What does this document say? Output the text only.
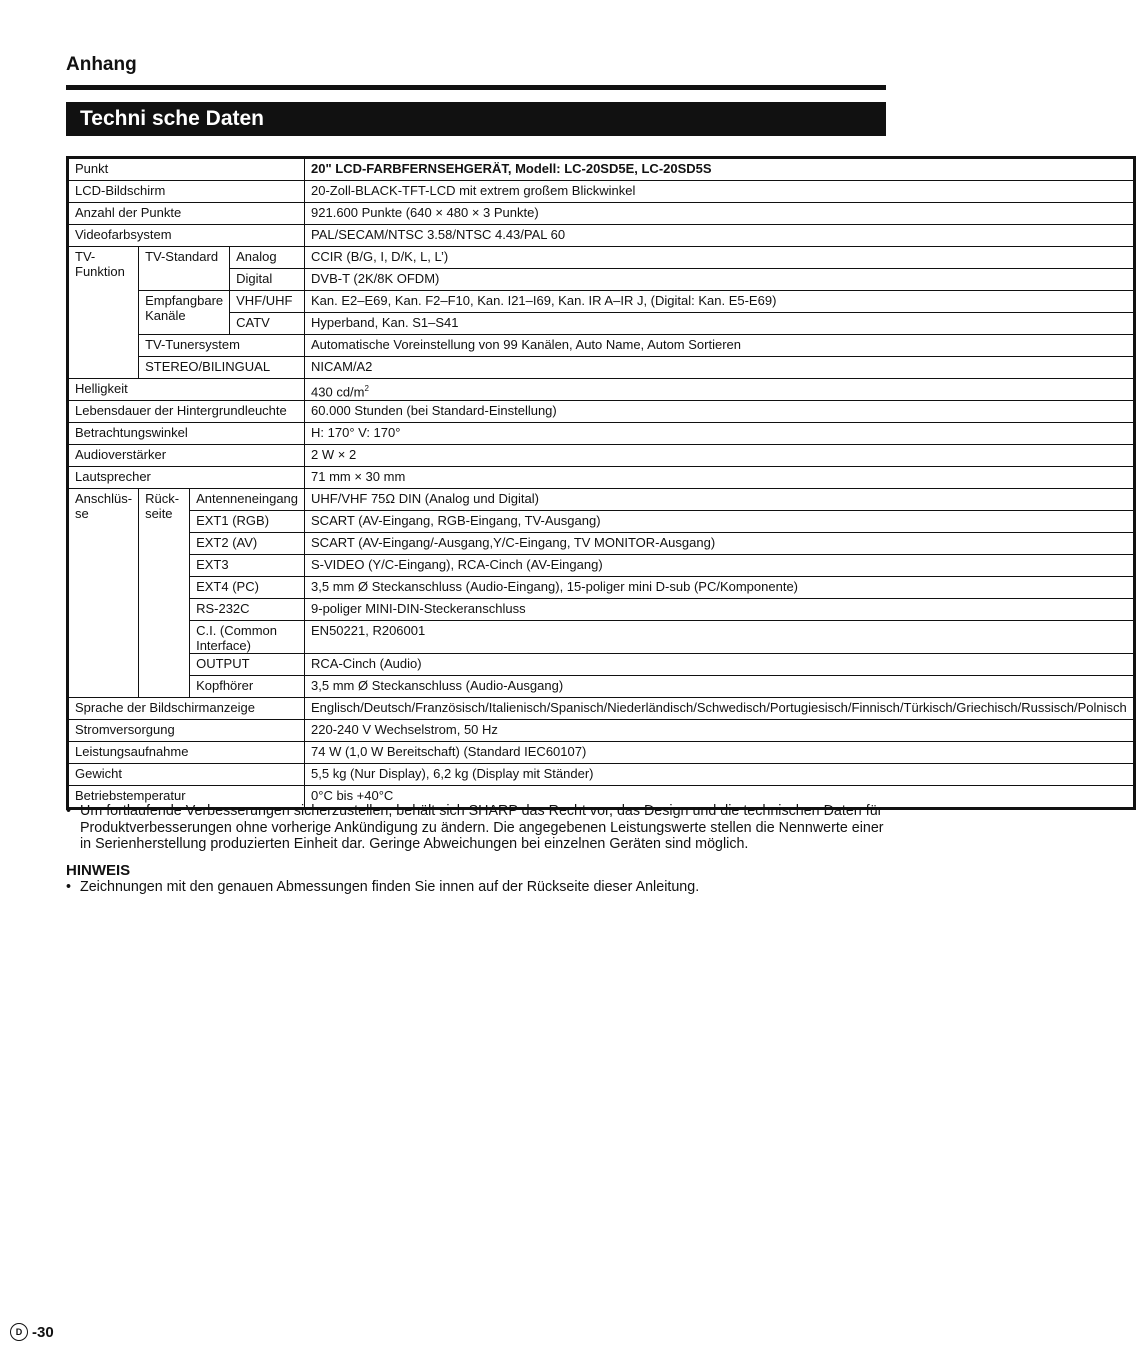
Anhang
Techni sche Daten
Punkt				20" LCD-FARBFERNSEHGERÄT, Modell: LC-20SD5E, LC-20SD5S
LCD-Bildschirm				20-Zoll-BLACK-TFT-LCD mit extrem großem Blickwinkel
Anzahl der Punkte				921.600 Punkte (640 × 480 × 3 Punkte)
Videofarbsystem				PAL/SECAM/NTSC 3.58/NTSC 4.43/PAL 60
TV-Funktion	TV-Standard		Analog	CCIR (B/G, I, D/K, L, L’)
			Digital	DVB-T (2K/8K OFDM)
	Empfangbare Kanäle		VHF/UHF	Kan. E2–E69, Kan. F2–F10, Kan. I21–I69, Kan. IR A–IR J, (Digital: Kan. E5-E69)
			CATV	Hyperband, Kan. S1–S41
	TV-Tunersystem			Automatische Voreinstellung von 99 Kanälen, Auto Name, Autom Sortieren
	STEREO/BILINGUAL			NICAM/A2
Helligkeit				430 $cd/m^2$
Lebensdauer der Hintergrundleuchte				60.000 Stunden (bei Standard-Einstellung)
Betrachtungswinkel				H: 170° V: 170°
Audioverstärker				2 W × 2
Lautsprecher				71 mm × 30 mm
Anschlüs-se	Rück-seite	Antenneneingang		UHF/VHF 75Ω DIN (Analog und Digital)
		EXT1 (RGB)		SCART (AV-Eingang, RGB-Eingang, TV-Ausgang)
		EXT2 (AV)		SCART (AV-Eingang/-Ausgang,Y/C-Eingang, TV MONITOR-Ausgang)
		EXT3		S-VIDEO (Y/C-Eingang), RCA-Cinch (AV-Eingang)
		EXT4 (PC)		3,5 mm Ø Steckanschluss (Audio-Eingang), 15-poliger mini D-sub (PC/Komponente)
		RS-232C		9-poliger MINI-DIN-Steckeranschluss
		C.I. (Common Interface)		EN50221, R206001
		OUTPUT		RCA-Cinch (Audio)
		Kopfhörer		3,5 mm Ø Steckanschluss (Audio-Ausgang)
Sprache der Bildschirmanzeige				Englisch/Deutsch/Französisch/Italienisch/Spanisch/Niederländisch/Schwedisch/Portugiesisch/Finnisch/Türkisch/Griechisch/Russisch/Polnisch
Stromversorgung				220-240 V Wechselstrom, 50 Hz
Leistungsaufnahme				74 W (1,0 W Bereitschaft) (Standard IEC60107)
Gewicht				5,5 kg (Nur Display), 6,2 kg (Display mit Ständer)
Betriebstemperatur				0°C bis +40°C
• Um fortlaufende Verbesserungen sicherzustellen, behält sich SHARP das Recht vor, das Design und die technischen Daten für Produktverbesserungen ohne vorherige Ankündigung zu ändern. Die angegebenen Leistungswerte stellen die Nennwerte einer in Serienherstellung produzierten Einheit dar. Geringe Abweichungen bei einzelnen Geräten sind möglich.
HINWEIS
• Zeichnungen mit den genauen Abmessungen finden Sie innen auf der Rückseite dieser Anleitung.
D -30
